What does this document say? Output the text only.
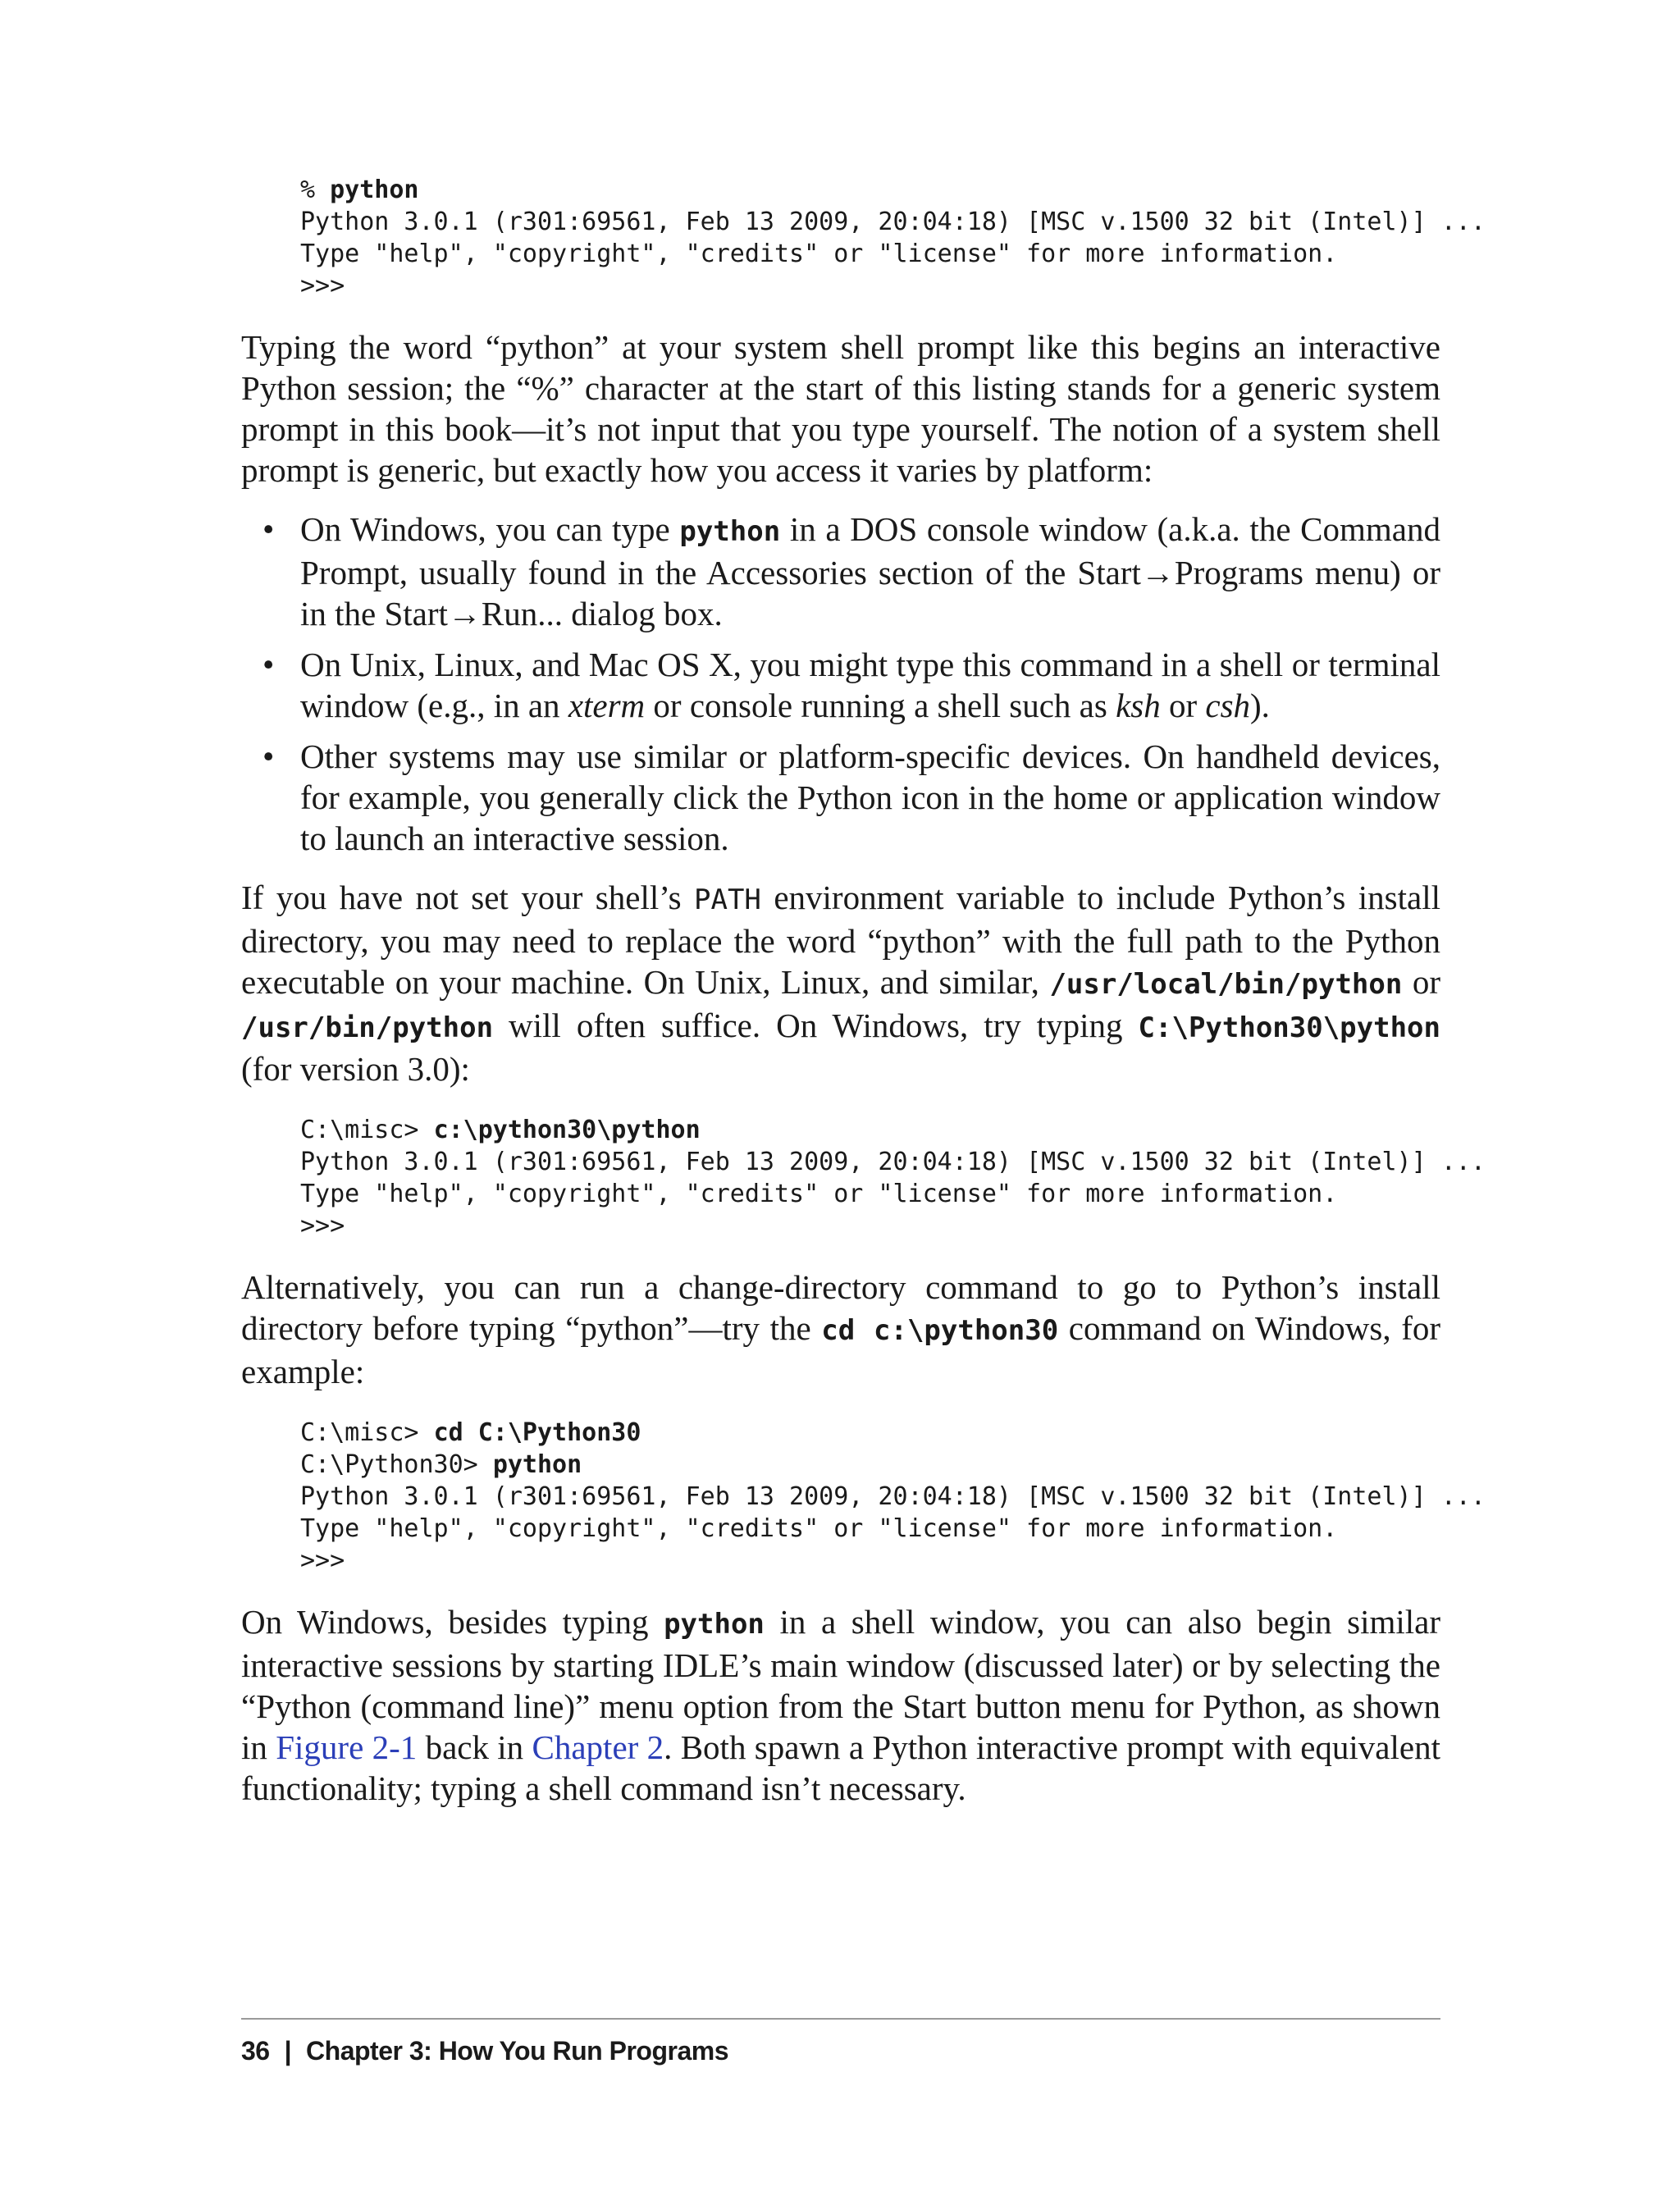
% python
Python 3.0.1 (r301:69561, Feb 13 2009, 20:04:18) [MSC v.1500 32 bit (Intel)] ...
Type "help", "copyright", "credits" or "license" for more information.
>>>

Typing the word “python” at your system shell prompt like this begins an interactive Python session; the “%” character at the start of this listing stands for a generic system prompt in this book—it’s not input that you type yourself. The notion of a system shell prompt is generic, but exactly how you access it varies by platform:

• On Windows, you can type python in a DOS console window (a.k.a. the Command Prompt, usually found in the Accessories section of the Start→Programs menu) or in the Start→Run... dialog box.
• On Unix, Linux, and Mac OS X, you might type this command in a shell or terminal window (e.g., in an xterm or console running a shell such as ksh or csh).
• Other systems may use similar or platform-specific devices. On handheld devices, for example, you generally click the Python icon in the home or application window to launch an interactive session.

If you have not set your shell’s PATH environment variable to include Python’s install directory, you may need to replace the word “python” with the full path to the Python executable on your machine. On Unix, Linux, and similar, /usr/local/bin/python or /usr/bin/python will often suffice. On Windows, try typing C:\Python30\python (for version 3.0):

C:\misc> c:\python30\python
Python 3.0.1 (r301:69561, Feb 13 2009, 20:04:18) [MSC v.1500 32 bit (Intel)] ...
Type "help", "copyright", "credits" or "license" for more information.
>>>

Alternatively, you can run a change-directory command to go to Python’s install directory before typing “python”—try the cd c:\python30 command on Windows, for example:

C:\misc> cd C:\Python30
C:\Python30> python
Python 3.0.1 (r301:69561, Feb 13 2009, 20:04:18) [MSC v.1500 32 bit (Intel)] ...
Type "help", "copyright", "credits" or "license" for more information.
>>>

On Windows, besides typing python in a shell window, you can also begin similar interactive sessions by starting IDLE’s main window (discussed later) or by selecting the “Python (command line)” menu option from the Start button menu for Python, as shown in Figure 2-1 back in Chapter 2. Both spawn a Python interactive prompt with equivalent functionality; typing a shell command isn’t necessary.

36 | Chapter 3: How You Run Programs
